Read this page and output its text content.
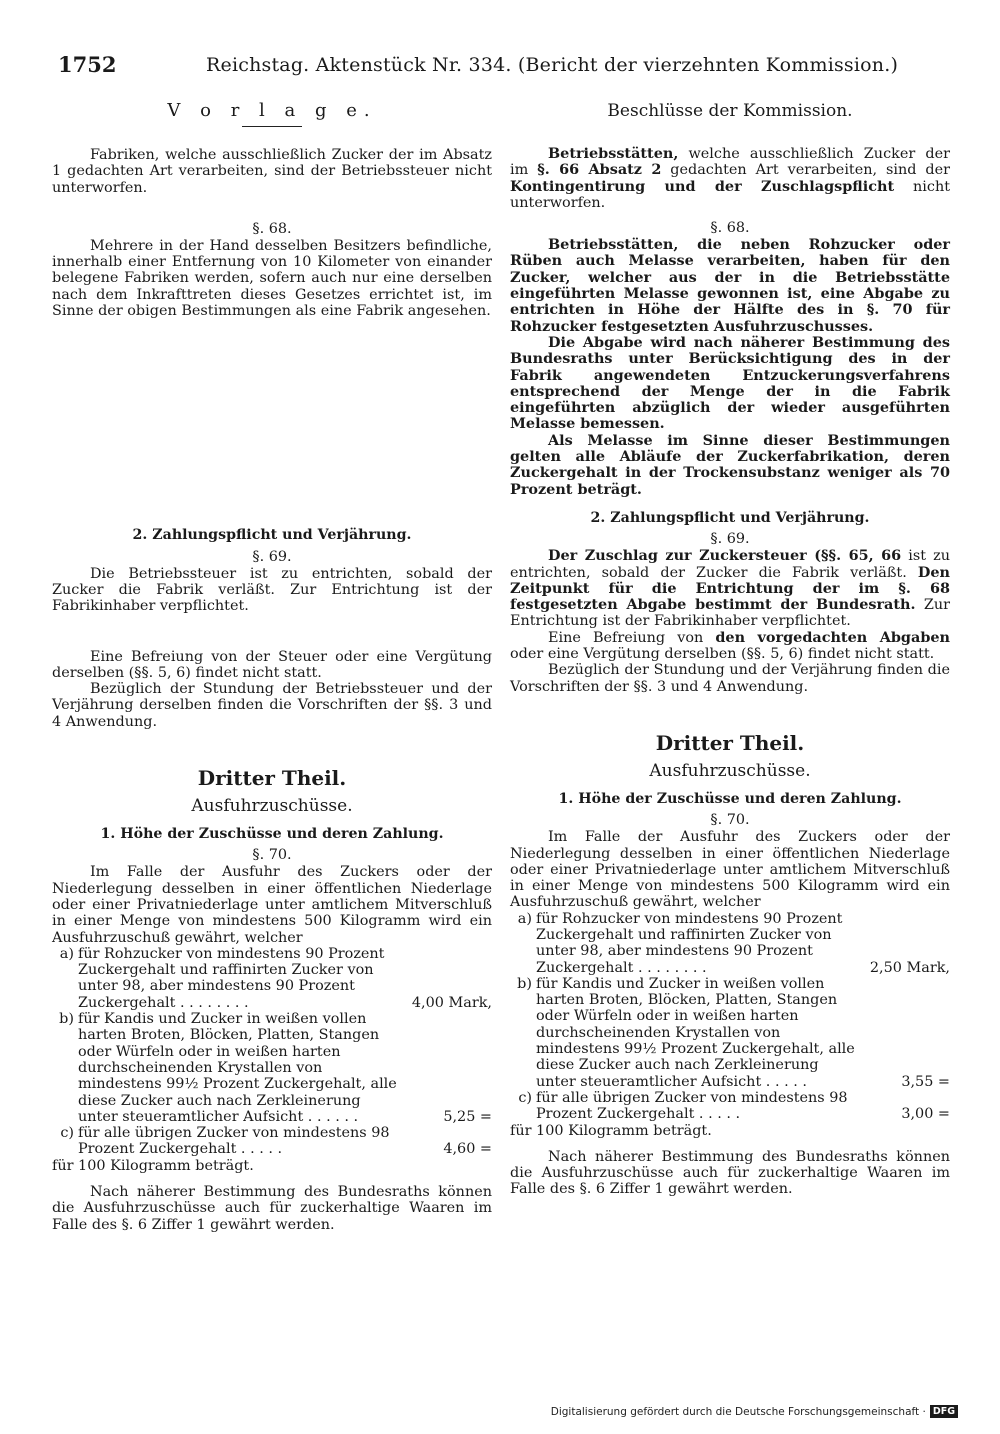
1752	Reichstag. Aktenstück Nr. 334. (Bericht der vierzehnten Kommission.)
V o r l a g e.

Fabriken, welche ausschließlich Zucker der im Absatz 1 gedachten Art verarbeiten, sind der Betriebssteuer nicht unterworfen.

§. 68.

Mehrere in der Hand desselben Besitzers befindliche, innerhalb einer Entfernung von 10 Kilometer von einander belegene Fabriken werden, sofern auch nur eine derselben nach dem Inkrafttreten dieses Gesetzes errichtet ist, im Sinne der obigen Bestimmungen als eine Fabrik angesehen.

2. Zahlungspflicht und Verjährung.
§. 69.

Die Betriebssteuer ist zu entrichten, sobald der Zucker die Fabrik verläßt. Zur Entrichtung ist der Fabrikinhaber verpflichtet.

Eine Befreiung von der Steuer oder eine Vergütung derselben (§§. 5, 6) findet nicht statt.

Bezüglich der Stundung der Betriebssteuer und der Verjährung derselben finden die Vorschriften der §§. 3 und 4 Anwendung.

Dritter Theil.
Ausfuhrzuschüsse.
1. Höhe der Zuschüsse und deren Zahlung.
§. 70.

Im Falle der Ausfuhr des Zuckers oder der Niederlegung desselben in einer öffentlichen Niederlage oder einer Privatniederlage unter amtlichem Mitverschluß in einer Menge von mindestens 500 Kilogramm wird ein Ausfuhrzuschuß gewährt, welcher

a) für Rohzucker von mindestens 90 Prozent Zuckergehalt und raffinirten Zucker von unter 98, aber mindestens 90 Prozent Zuckergehalt . . . . . . . .	4,00 Mark,
b) für Kandis und Zucker in weißen vollen harten Broten, Blöcken, Platten, Stangen oder Würfeln oder in weißen harten durchscheinenden Krystallen von mindestens 99½ Prozent Zuckergehalt, alle diese Zucker auch nach Zerkleinerung unter steueramtlicher Aufsicht . . . . . .	5,25 =
c) für alle übrigen Zucker von mindestens 98 Prozent Zuckergehalt . . . . .	4,60 =

für 100 Kilogramm beträgt.

Nach näherer Bestimmung des Bundesraths können die Ausfuhrzuschüsse auch für zuckerhaltige Waaren im Falle des §. 6 Ziffer 1 gewährt werden.

Beschlüsse der Kommission.

Betriebsstätten, welche ausschließlich Zucker der im §. 66 Absatz 2 gedachten Art verarbeiten, sind der Kontingentirung und der Zuschlagspflicht nicht unterworfen.

§. 68.

Betriebsstätten, die neben Rohzucker oder Rüben auch Melasse verarbeiten, haben für den Zucker, welcher aus der in die Betriebsstätte eingeführten Melasse gewonnen ist, eine Abgabe zu entrichten in Höhe der Hälfte des in §. 70 für Rohzucker festgesetzten Ausfuhrzuschusses.

Die Abgabe wird nach näherer Bestimmung des Bundesraths unter Berücksichtigung des in der Fabrik angewendeten Entzuckerungsverfahrens entsprechend der Menge der in die Fabrik eingeführten abzüglich der wieder ausgeführten Melasse bemessen.

Als Melasse im Sinne dieser Bestimmungen gelten alle Abläufe der Zuckerfabrikation, deren Zuckergehalt in der Trockensubstanz weniger als 70 Prozent beträgt.

2. Zahlungspflicht und Verjährung.
§. 69.

Der Zuschlag zur Zuckersteuer (§§. 65, 66 ist zu entrichten, sobald der Zucker die Fabrik verläßt. Den Zeitpunkt für die Entrichtung der im §. 68 festgesetzten Abgabe bestimmt der Bundesrath. Zur Entrichtung ist der Fabrikinhaber verpflichtet.

Eine Befreiung von den vorgedachten Abgaben oder eine Vergütung derselben (§§. 5, 6) findet nicht statt.

Bezüglich der Stundung und der Verjährung finden die Vorschriften der §§. 3 und 4 Anwendung.

Dritter Theil.
Ausfuhrzuschüsse.
1. Höhe der Zuschüsse und deren Zahlung.
§. 70.

Im Falle der Ausfuhr des Zuckers oder der Niederlegung desselben in einer öffentlichen Niederlage oder einer Privatniederlage unter amtlichem Mitverschluß in einer Menge von mindestens 500 Kilogramm wird ein Ausfuhrzuschuß gewährt, welcher

a) für Rohzucker von mindestens 90 Prozent Zuckergehalt und raffinirten Zucker von unter 98, aber mindestens 90 Prozent Zuckergehalt . . . . . . . .	2,50 Mark,
b) für Kandis und Zucker in weißen vollen harten Broten, Blöcken, Platten, Stangen oder Würfeln oder in weißen harten durchscheinenden Krystallen von mindestens 99½ Prozent Zuckergehalt, alle diese Zucker auch nach Zerkleinerung unter steueramtlicher Aufsicht . . . . .	3,55 =
c) für alle übrigen Zucker von mindestens 98 Prozent Zuckergehalt . . . . .	3,00 =

für 100 Kilogramm beträgt.

Nach näherer Bestimmung des Bundesraths können die Ausfuhrzuschüsse auch für zuckerhaltige Waaren im Falle des §. 6 Ziffer 1 gewährt werden.

Digitalisierung gefördert durch die Deutsche Forschungsgemeinschaft · DFG
